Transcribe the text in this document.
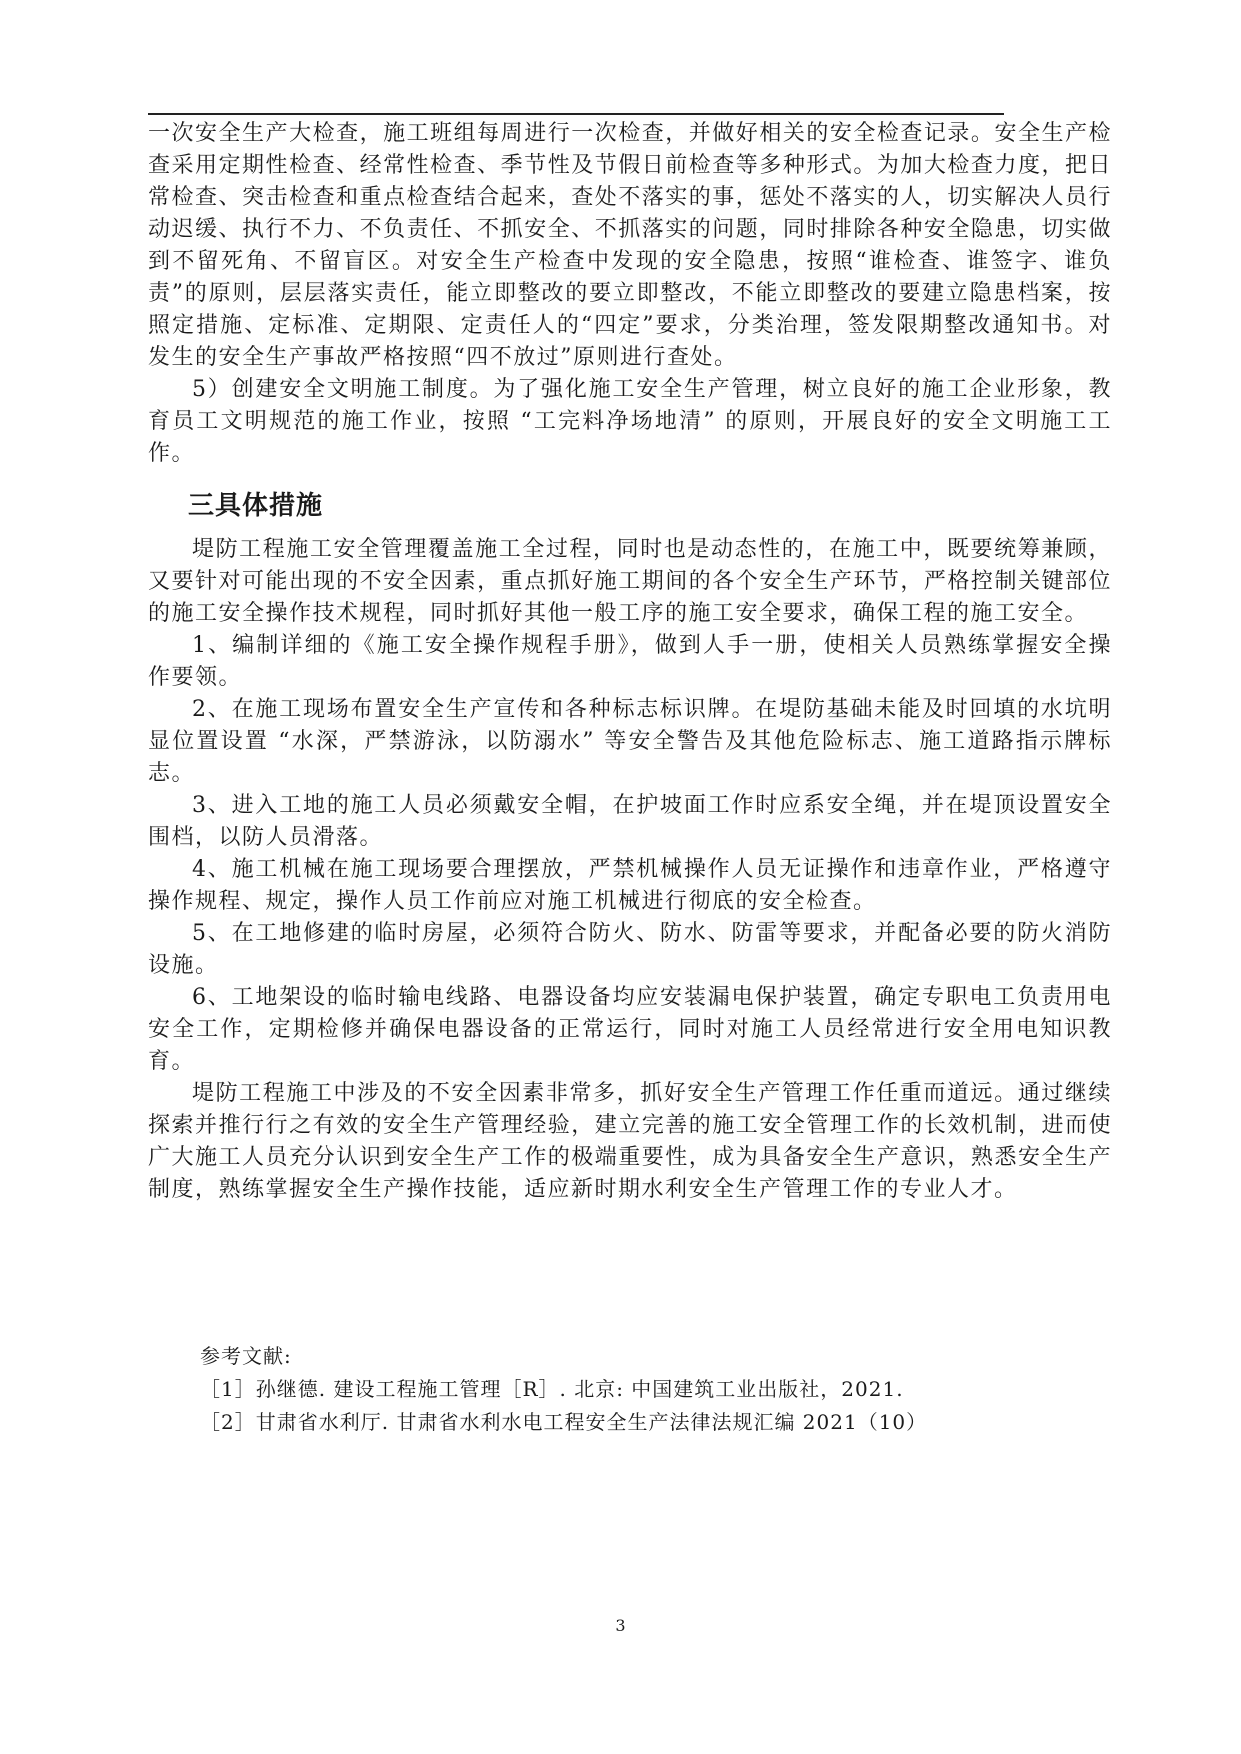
一次安全生产大检查，施工班组每周进行一次检查，并做好相关的安全检查记录。安全生产检查采用定期性检查、经常性检查、季节性及节假日前检查等多种形式。为加大检查力度，把日常检查、突击检查和重点检查结合起来，查处不落实的事，惩处不落实的人，切实解决人员行动迟缓、执行不力、不负责任、不抓安全、不抓落实的问题，同时排除各种安全隐患，切实做到不留死角、不留盲区。对安全生产检查中发现的安全隐患，按照“谁检查、谁签字、谁负责”的原则，层层落实责任，能立即整改的要立即整改，不能立即整改的要建立隐患档案，按照定措施、定标准、定期限、定责任人的“四定”要求，分类治理，签发限期整改通知书。对发生的安全生产事故严格按照“四不放过”原则进行查处。

5）创建安全文明施工制度。为了强化施工安全生产管理，树立良好的施工企业形象，教育员工文明规范的施工作业，按照 “工完料净场地清” 的原则，开展良好的安全文明施工工作。

三具体措施

堤防工程施工安全管理覆盖施工全过程，同时也是动态性的，在施工中，既要统筹兼顾，又要针对可能出现的不安全因素，重点抓好施工期间的各个安全生产环节，严格控制关键部位的施工安全操作技术规程，同时抓好其他一般工序的施工安全要求，确保工程的施工安全。

1、编制详细的《施工安全操作规程手册》，做到人手一册，使相关人员熟练掌握安全操作要领。

2、在施工现场布置安全生产宣传和各种标志标识牌。在堤防基础未能及时回填的水坑明显位置设置 “水深，严禁游泳，以防溺水” 等安全警告及其他危险标志、施工道路指示牌标志。

3、进入工地的施工人员必须戴安全帽，在护坡面工作时应系安全绳，并在堤顶设置安全围档，以防人员滑落。

4、施工机械在施工现场要合理摆放，严禁机械操作人员无证操作和违章作业，严格遵守操作规程、规定，操作人员工作前应对施工机械进行彻底的安全检查。

5、在工地修建的临时房屋，必须符合防火、防水、防雷等要求，并配备必要的防火消防设施。

6、工地架设的临时输电线路、电器设备均应安装漏电保护装置，确定专职电工负责用电安全工作，定期检修并确保电器设备的正常运行，同时对施工人员经常进行安全用电知识教育。

堤防工程施工中涉及的不安全因素非常多，抓好安全生产管理工作任重而道远。通过继续探索并推行行之有效的安全生产管理经验，建立完善的施工安全管理工作的长效机制，进而使广大施工人员充分认识到安全生产工作的极端重要性，成为具备安全生产意识，熟悉安全生产制度，熟练掌握安全生产操作技能，适应新时期水利安全生产管理工作的专业人才。

参考文献:

［1］孙继德. 建设工程施工管理［R］. 北京: 中国建筑工业出版社，2021.

［2］甘肃省水利厅. 甘肃省水利水电工程安全生产法律法规汇编 2021（10）

3
